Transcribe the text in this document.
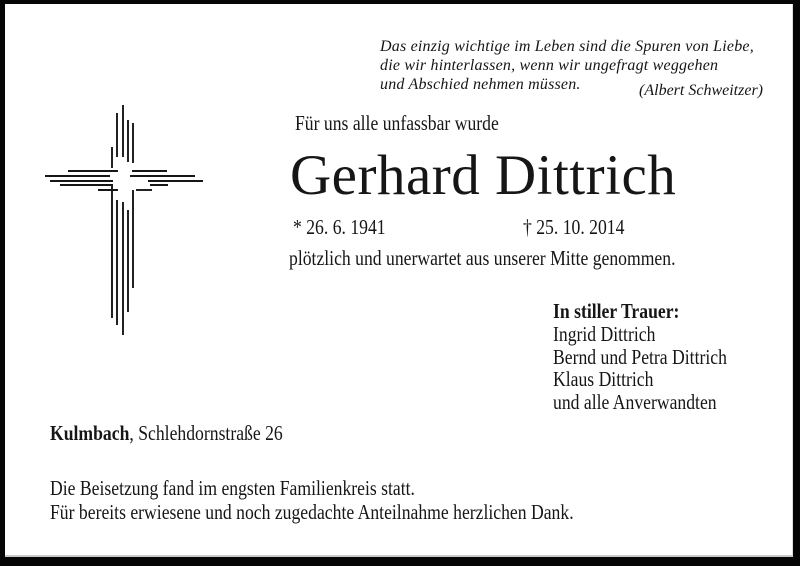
Das einzig wichtige im Leben sind die Spuren von Liebe,
die wir hinterlassen, wenn wir ungefragt weggehen
und Abschied nehmen müssen.	(Albert Schweitzer)
Für uns alle unfassbar wurde
Gerhard Dittrich
* 26. 6. 1941	† 25. 10. 2014
plötzlich und unerwartet aus unserer Mitte genommen.
In stiller Trauer:
Ingrid Dittrich
Bernd und Petra Dittrich
Klaus Dittrich
und alle Anverwandten
Kulmbach, Schlehdornstraße 26
Die Beisetzung fand im engsten Familienkreis statt.
Für bereits erwiesene und noch zugedachte Anteilnahme herzlichen Dank.
